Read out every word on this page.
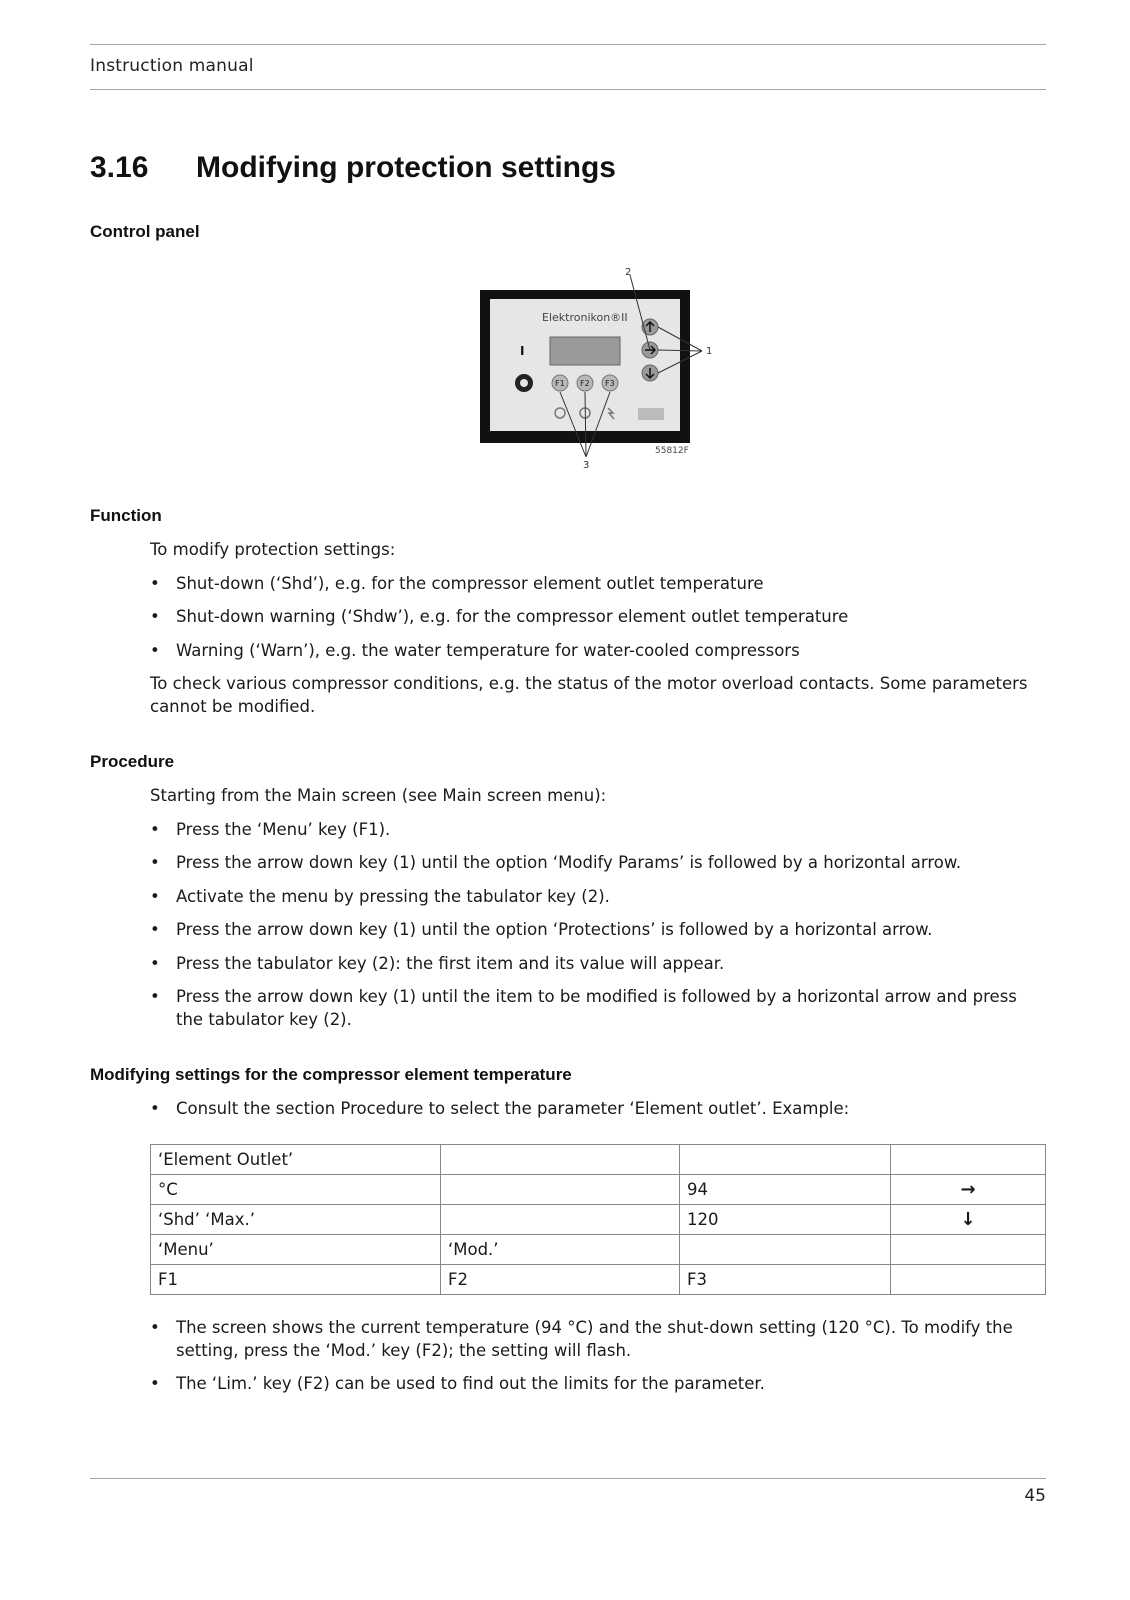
Instruction manual
3.16 Modifying protection settings
Control panel
Elektronikon®II
I
F1 F2 F3
2
1
3
55812F
Function
To modify protection settings:
• Shut-down (‘Shd’), e.g. for the compressor element outlet temperature
• Shut-down warning (‘Shdw’), e.g. for the compressor element outlet temperature
• Warning (‘Warn’), e.g. the water temperature for water-cooled compressors
To check various compressor conditions, e.g. the status of the motor overload contacts. Some parameters cannot be modified.
Procedure
Starting from the Main screen (see Main screen menu):
• Press the ‘Menu’ key (F1).
• Press the arrow down key (1) until the option ‘Modify Params’ is followed by a horizontal arrow.
• Activate the menu by pressing the tabulator key (2).
• Press the arrow down key (1) until the option ‘Protections’ is followed by a horizontal arrow.
• Press the tabulator key (2): the first item and its value will appear.
• Press the arrow down key (1) until the item to be modified is followed by a horizontal arrow and press the tabulator key (2).
Modifying settings for the compressor element temperature
• Consult the section Procedure to select the parameter ‘Element outlet’. Example:
‘Element Outlet’			
°C		94	→
‘Shd’ ‘Max.’		120	↓
‘Menu’	‘Mod.’		
F1	F2	F3	
• The screen shows the current temperature (94 °C) and the shut-down setting (120 °C). To modify the setting, press the ‘Mod.’ key (F2); the setting will flash.
• The ‘Lim.’ key (F2) can be used to find out the limits for the parameter.
45
